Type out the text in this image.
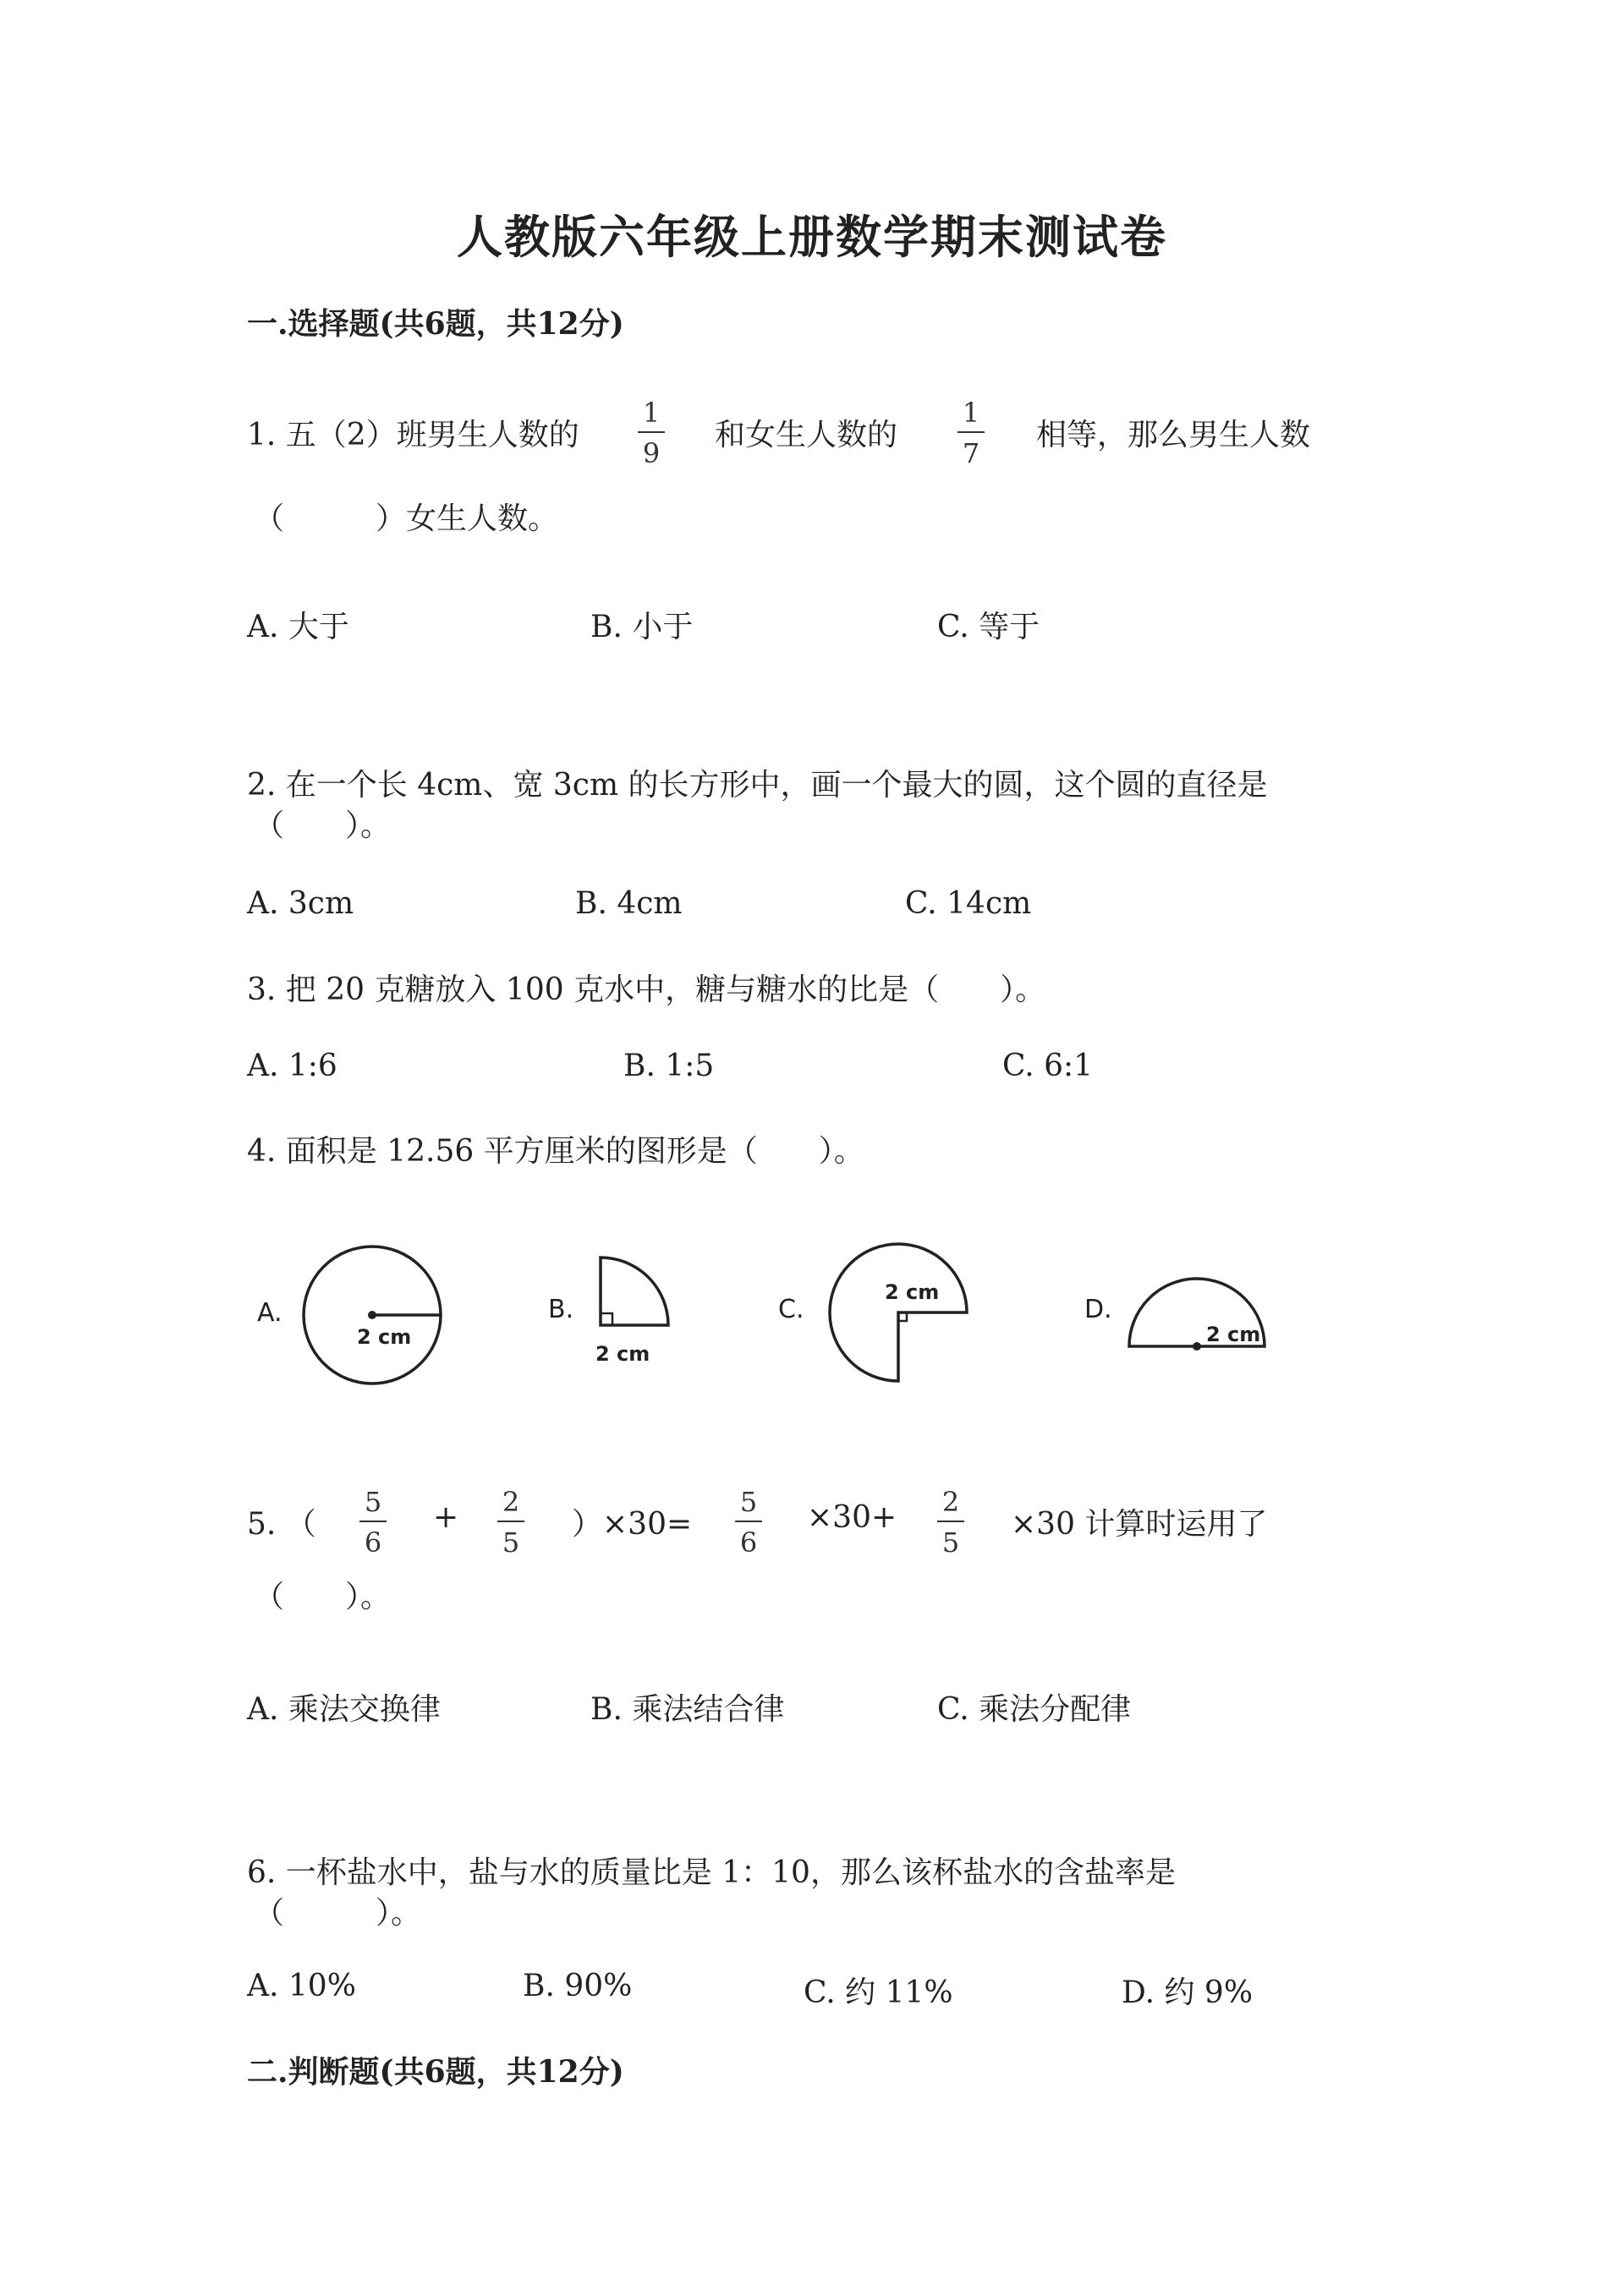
人教版六年级上册数学期末测试卷
一.选择题(共6题，共12分)
1. 五（2）班男生人数的
1
9
和女生人数的
1
7
相等，那么男生人数
（　　　）女生人数。
A. 大于	B. 小于	C. 等于
2. 在一个长 4cm、宽 3cm 的长方形中，画一个最大的圆，这个圆的直径是
（　　）。
A. 3cm	B. 4cm	C. 14cm
3. 把 20 克糖放入 100 克水中，糖与糖水的比是（　　）。
A. 1:6	B. 1:5	C. 6:1
4. 面积是 12.56 平方厘米的图形是（　　）。
A.
2 cm
B.
2 cm
C.
2 cm
D.
2 cm
5. （
5
6
+	2
5
）×30=
5
6
×30+	2
5
×30 计算时运用了
（　　）。
A. 乘法交换律	B. 乘法结合律	C. 乘法分配律
6. 一杯盐水中，盐与水的质量比是 1：10，那么该杯盐水的含盐率是
（　　　）。
A. 10%	B. 90%	C. 约 11%	D. 约 9%
二.判断题(共6题，共12分)
